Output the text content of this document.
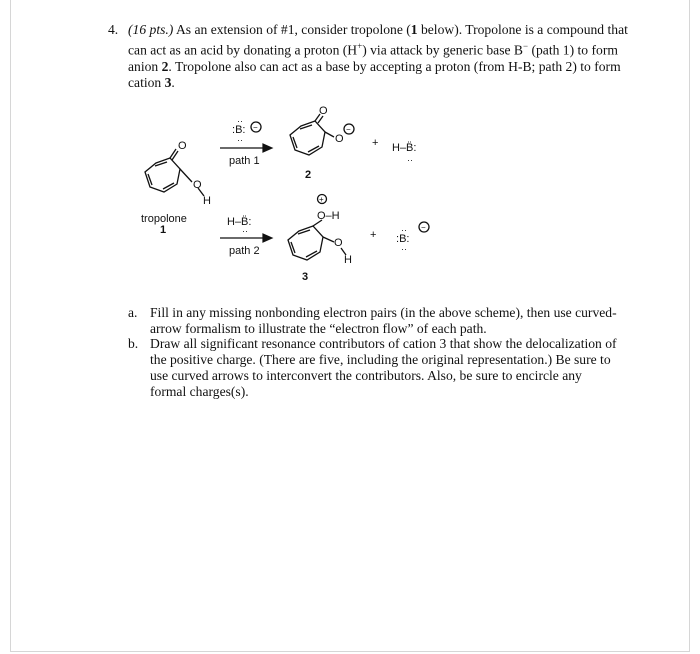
4. (16 pts.) As an extension of #1, consider tropolone (1 below). Tropolone is a compound that can act as an acid by donating a proton (H+) via attack by generic base B− (path 1) to form anion 2. Tropolone also can act as a base by accepting a proton (from H-B; path 2) to form cation 3.

O
O
H
tropolone
1
:B:
··
··
−
path 1
O
O
−
2
+ H–B̈:
··
H–B̈:
··
path 2
+
O–H
O
H
3
+ :B:
··
··
−
a. Fill in any missing nonbonding electron pairs (in the above scheme), then use curved-
arrow formalism to illustrate the “electron flow” of each path.
b. Draw all significant resonance contributors of cation 3 that show the delocalization of
the positive charge. (There are five, including the original representation.) Be sure to
use curved arrows to interconvert the contributors. Also, be sure to encircle any
formal charges(s).
